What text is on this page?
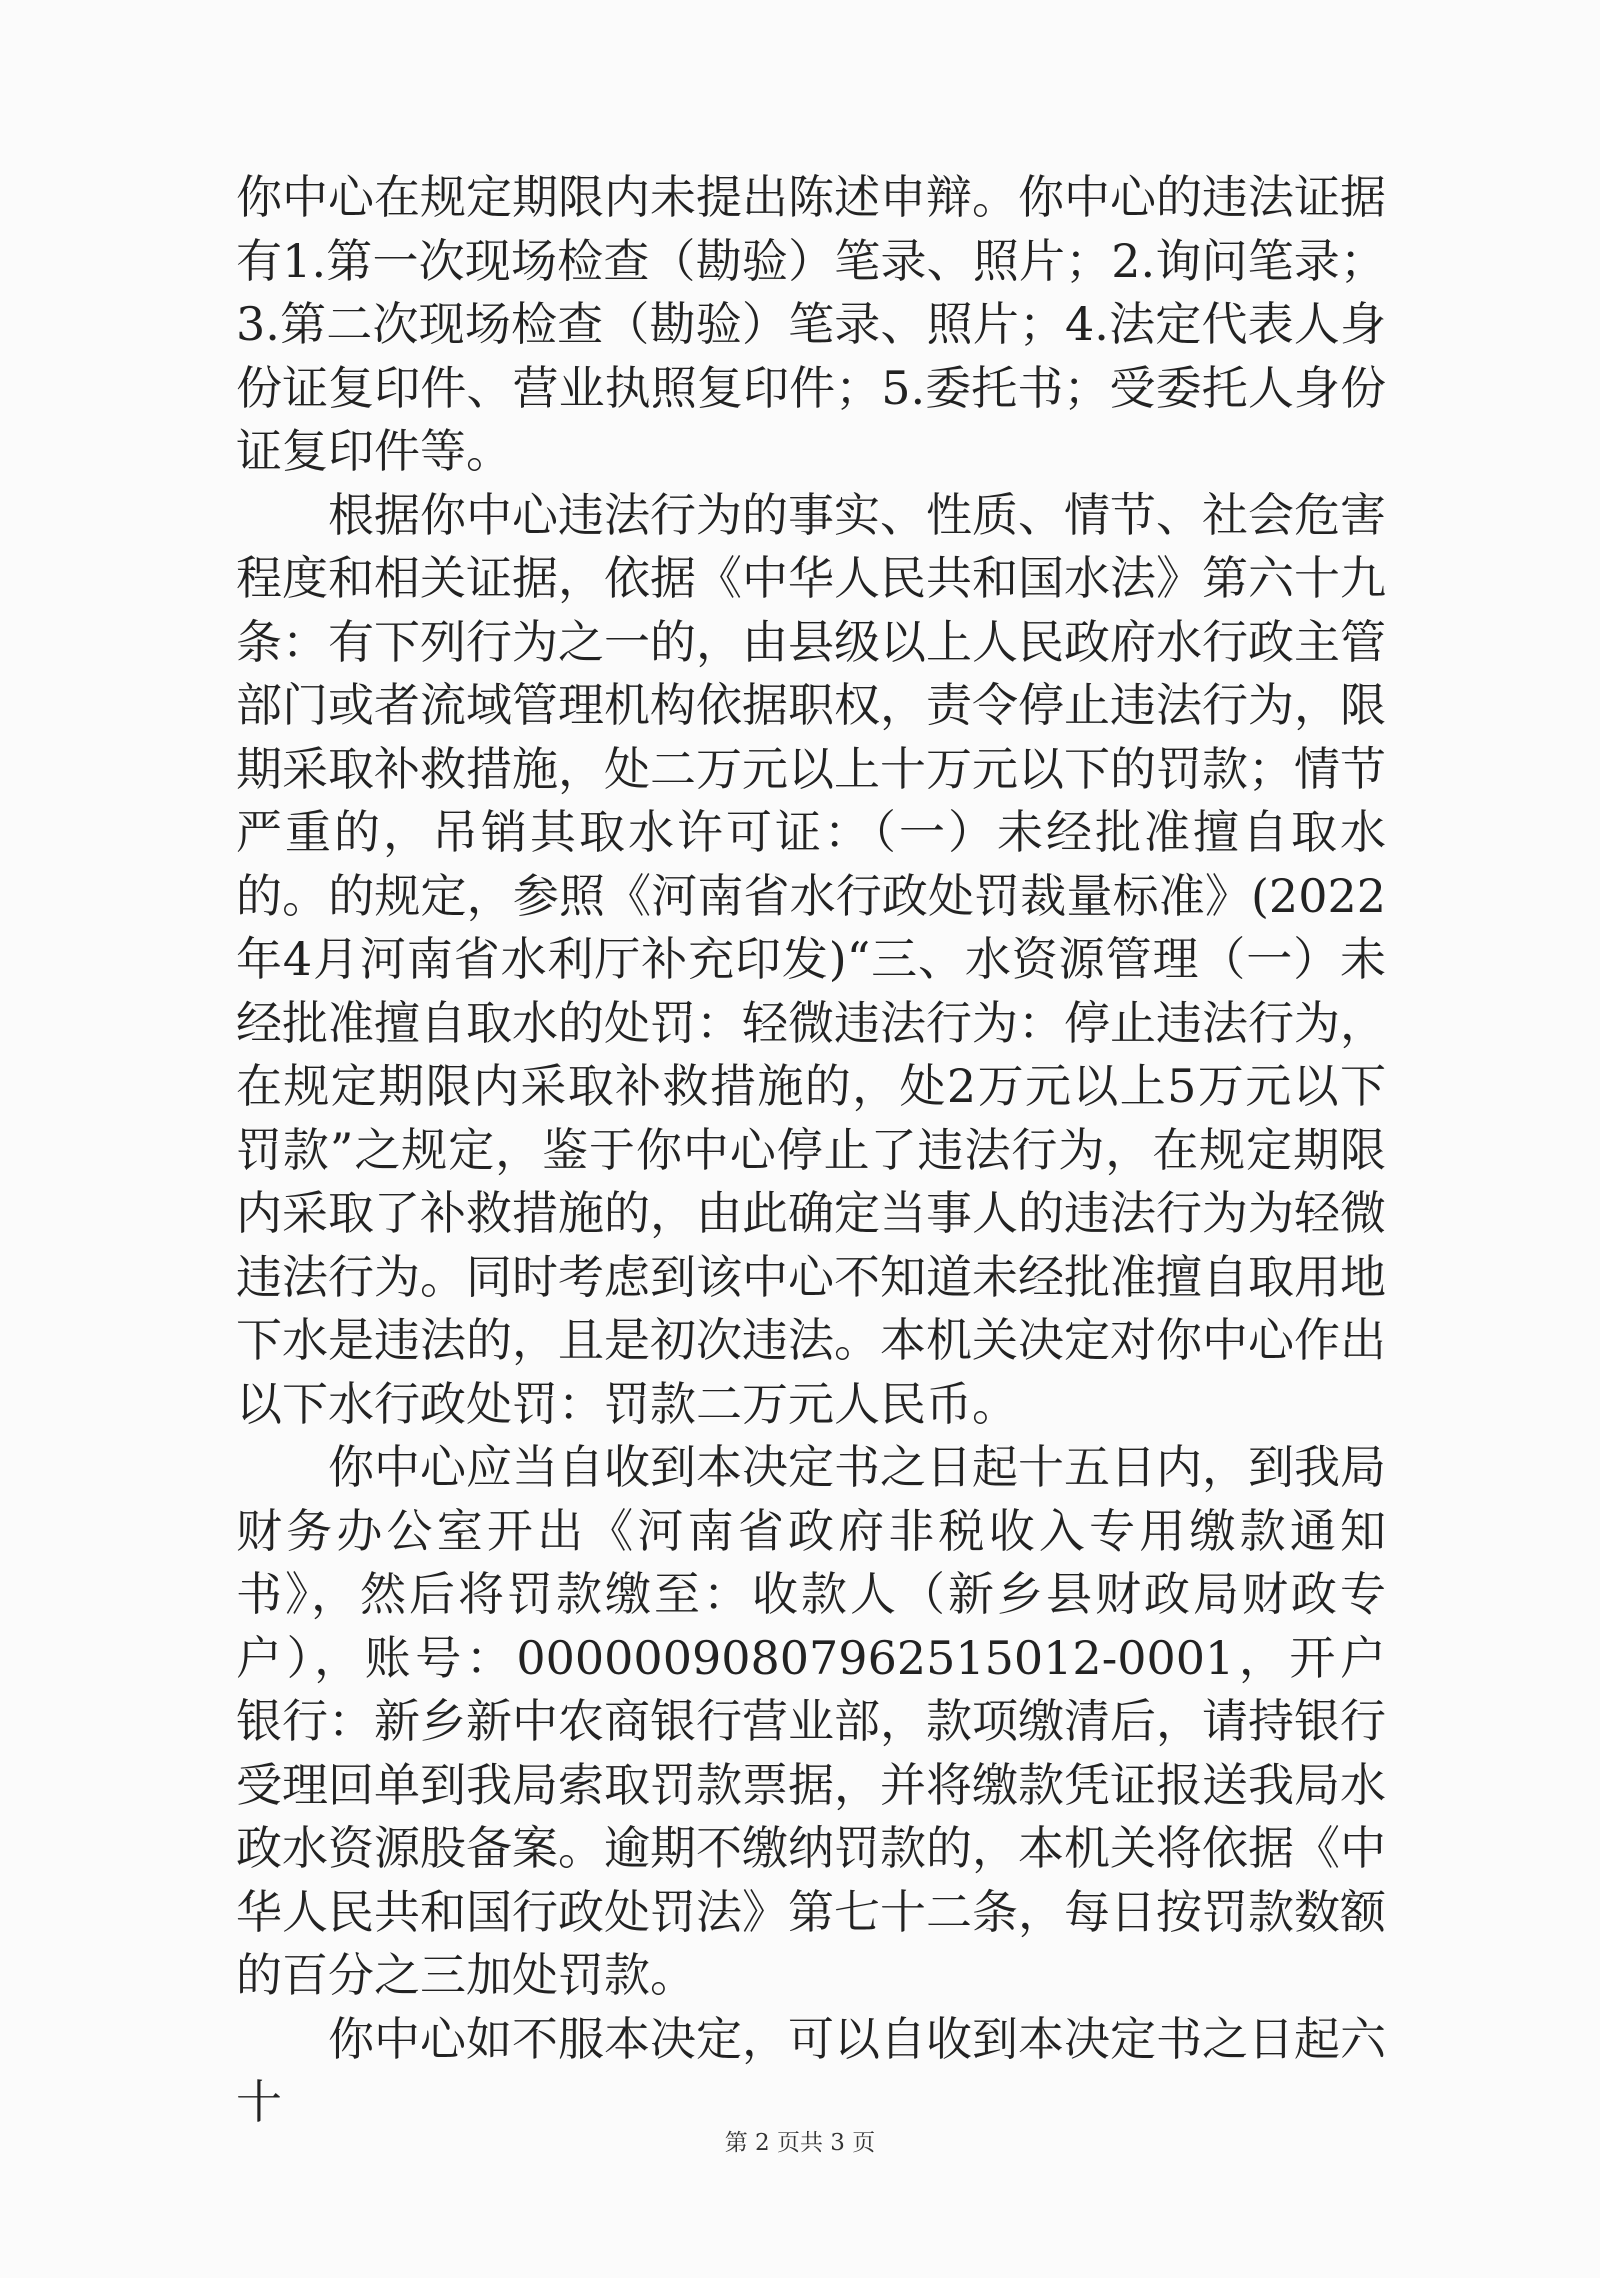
你中心在规定期限内未提出陈述申辩。你中心的违法证据有1.第一次现场检查（勘验）笔录、照片；2.询问笔录；3.第二次现场检查（勘验）笔录、照片；4.法定代表人身份证复印件、营业执照复印件；5.委托书；受委托人身份证复印件等。

根据你中心违法行为的事实、性质、情节、社会危害程度和相关证据，依据《中华人民共和国水法》第六十九条：有下列行为之一的，由县级以上人民政府水行政主管部门或者流域管理机构依据职权，责令停止违法行为，限期采取补救措施，处二万元以上十万元以下的罚款；情节严重的，吊销其取水许可证：（一）未经批准擅自取水的。的规定，参照《河南省水行政处罚裁量标准》(2022年4月河南省水利厅补充印发)“三、水资源管理（一）未经批准擅自取水的处罚：轻微违法行为：停止违法行为，在规定期限内采取补救措施的，处2万元以上5万元以下罚款”之规定，鉴于你中心停止了违法行为，在规定期限内采取了补救措施的，由此确定当事人的违法行为为轻微违法行为。同时考虑到该中心不知道未经批准擅自取用地下水是违法的，且是初次违法。本机关决定对你中心作出以下水行政处罚：罚款二万元人民币。

你中心应当自收到本决定书之日起十五日内，到我局财务办公室开出《河南省政府非税收入专用缴款通知书》，然后将罚款缴至：收款人（新乡县财政局财政专户），账号：00000090807962515012-0001，开户银行：新乡新中农商银行营业部，款项缴清后，请持银行受理回单到我局索取罚款票据，并将缴款凭证报送我局水政水资源股备案。逾期不缴纳罚款的，本机关将依据《中华人民共和国行政处罚法》第七十二条，每日按罚款数额的百分之三加处罚款。

你中心如不服本决定，可以自收到本决定书之日起六十

第 2 页共 3 页
